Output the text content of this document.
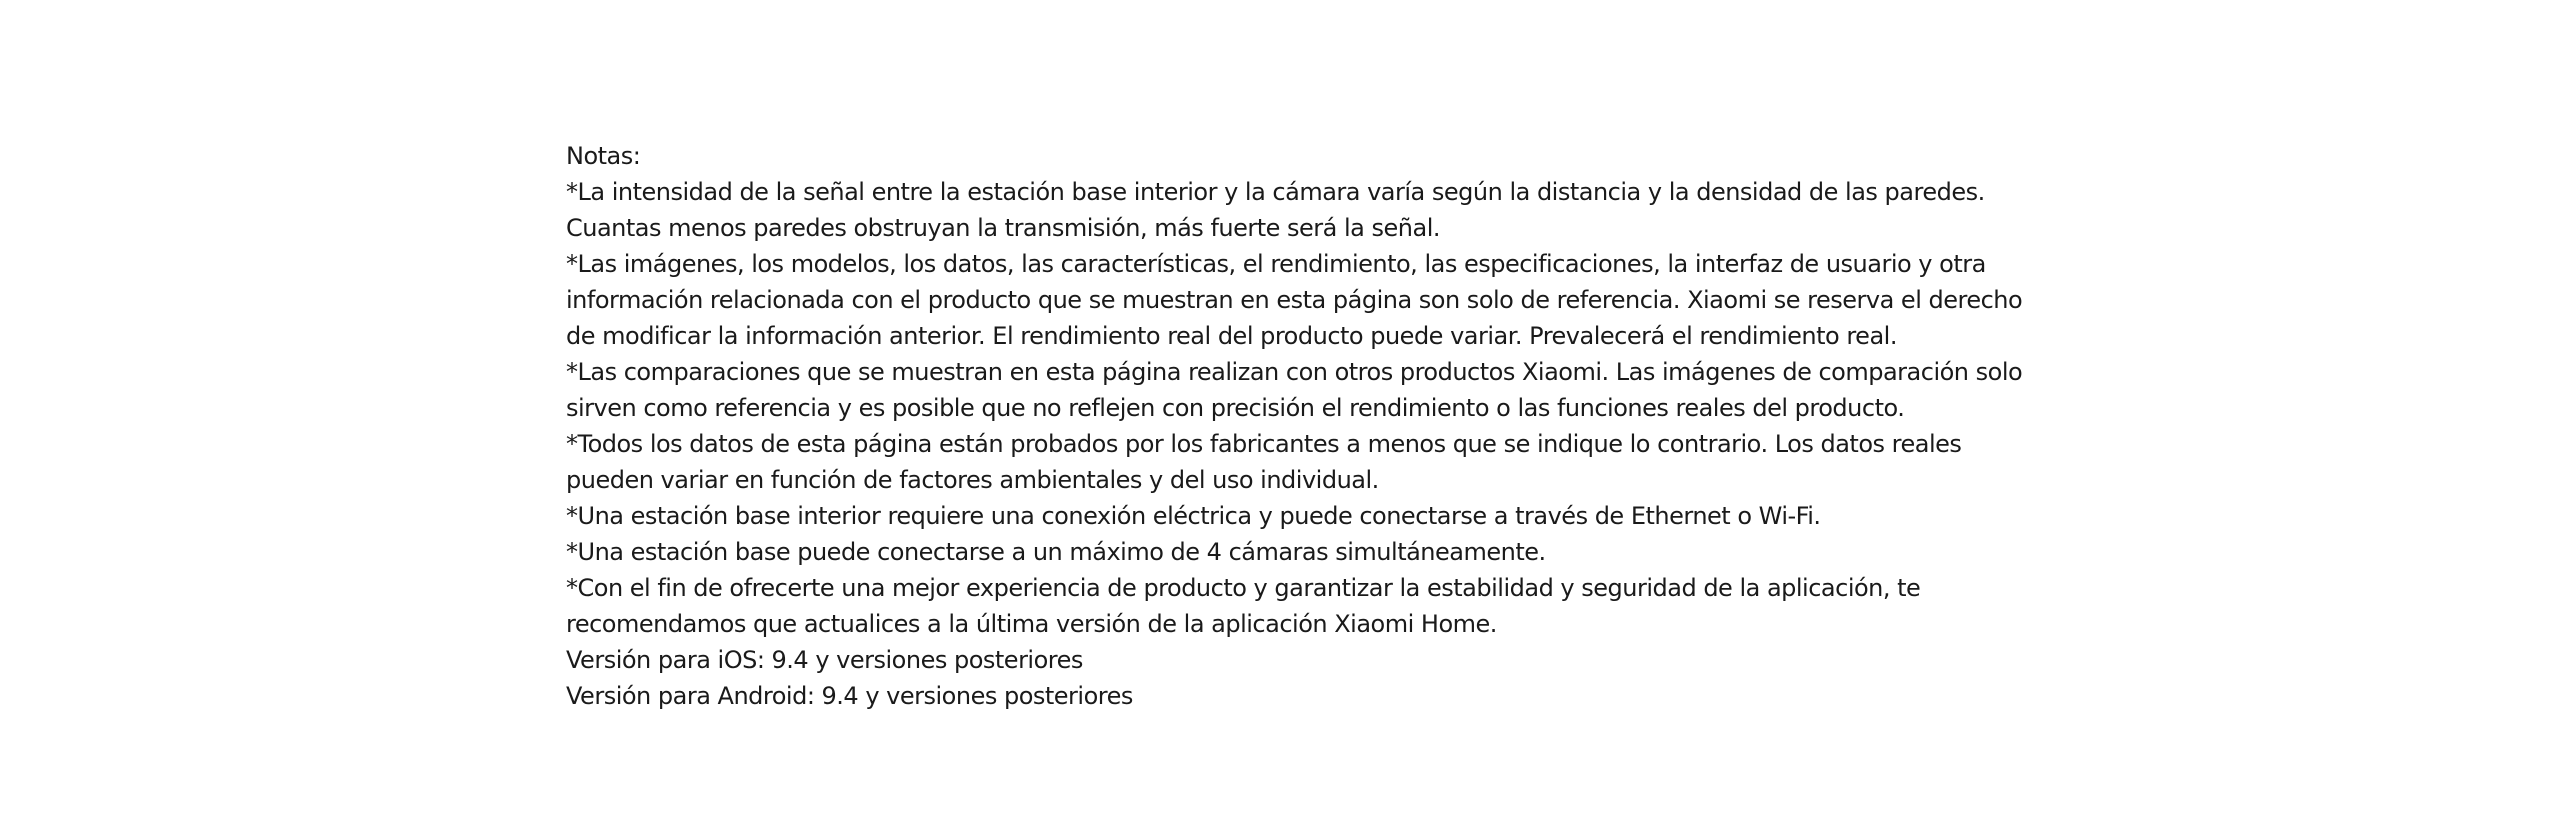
Notas:

*La intensidad de la señal entre la estación base interior y la cámara varía según la distancia y la densidad de las paredes. Cuantas menos paredes obstruyan la transmisión, más fuerte será la señal.

*Las imágenes, los modelos, los datos, las características, el rendimiento, las especificaciones, la interfaz de usuario y otra información relacionada con el producto que se muestran en esta página son solo de referencia. Xiaomi se reserva el derecho de modificar la información anterior. El rendimiento real del producto puede variar. Prevalecerá el rendimiento real.

*Las comparaciones que se muestran en esta página realizan con otros productos Xiaomi. Las imágenes de comparación solo sirven como referencia y es posible que no reflejen con precisión el rendimiento o las funciones reales del producto.

*Todos los datos de esta página están probados por los fabricantes a menos que se indique lo contrario. Los datos reales pueden variar en función de factores ambientales y del uso individual.

*Una estación base interior requiere una conexión eléctrica y puede conectarse a través de Ethernet o Wi-Fi.

*Una estación base puede conectarse a un máximo de 4 cámaras simultáneamente.

*Con el fin de ofrecerte una mejor experiencia de producto y garantizar la estabilidad y seguridad de la aplicación, te recomendamos que actualices a la última versión de la aplicación Xiaomi Home.

Versión para iOS: 9.4 y versiones posteriores

Versión para Android: 9.4 y versiones posteriores
